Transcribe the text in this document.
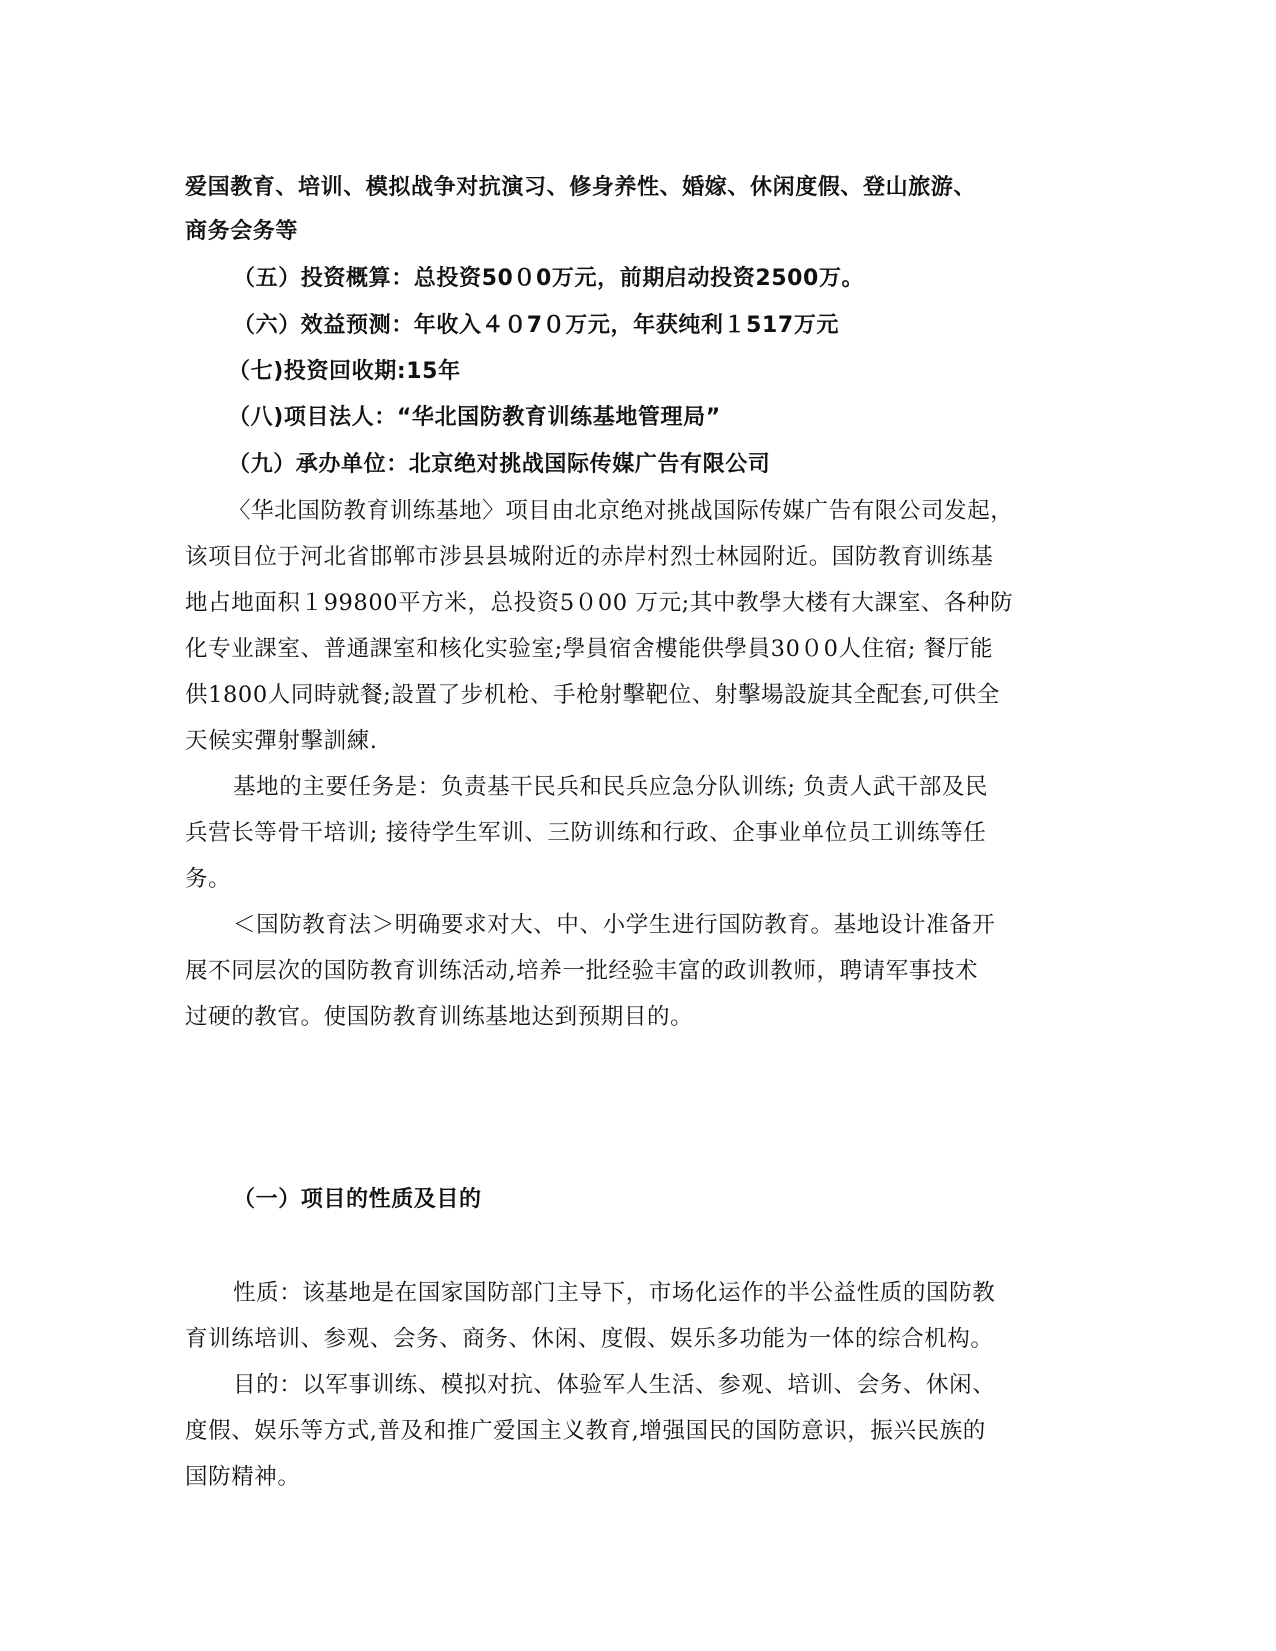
爱国教育、培训、模拟战争对抗演习、修身养性、婚嫁、休闲度假、登山旅游、
商务会务等
（五）投资概算：总投资50０0万元，前期启动投资2500万。
（六）效益预测：年收入４０7０万元，年获纯利１517万元
（七)投资回收期:15年
（八)项目法人：“华北国防教育训练基地管理局”
（九）承办单位：北京绝对挑战国际传媒广告有限公司
〈华北国防教育训练基地〉项目由北京绝对挑战国际传媒广告有限公司发起，
该项目位于河北省邯郸市涉县县城附近的赤岸村烈士林园附近。国防教育训练基
地占地面积１99800平方米，总投资5０00 万元;其中教學大楼有大課室、各种防
化专业課室、普通課室和核化实验室;學員宿舍樓能供學員30０0人住宿; 餐厅能
供1800人同時就餐;設置了步机枪、手枪射擊靶位、射擊場設旋其全配套,可供全
天候实彈射擊訓練.
基地的主要任务是：负责基干民兵和民兵应急分队训练; 负责人武干部及民
兵营长等骨干培训; 接待学生军训、三防训练和行政、企事业单位员工训练等任
务。
＜国防教育法＞明确要求对大、中、小学生进行国防教育。基地设计准备开
展不同层次的国防教育训练活动,培养一批经验丰富的政训教师，聘请军事技术
过硬的教官。使国防教育训练基地达到预期目的。
（一）项目的性质及目的
性质：该基地是在国家国防部门主导下，市场化运作的半公益性质的国防教
育训练培训、参观、会务、商务、休闲、度假、娱乐多功能为一体的综合机构。
目的：以军事训练、模拟对抗、体验军人生活、参观、培训、会务、休闲、
度假、娱乐等方式,普及和推广爱国主义教育,增强国民的国防意识，振兴民族的
国防精神。
